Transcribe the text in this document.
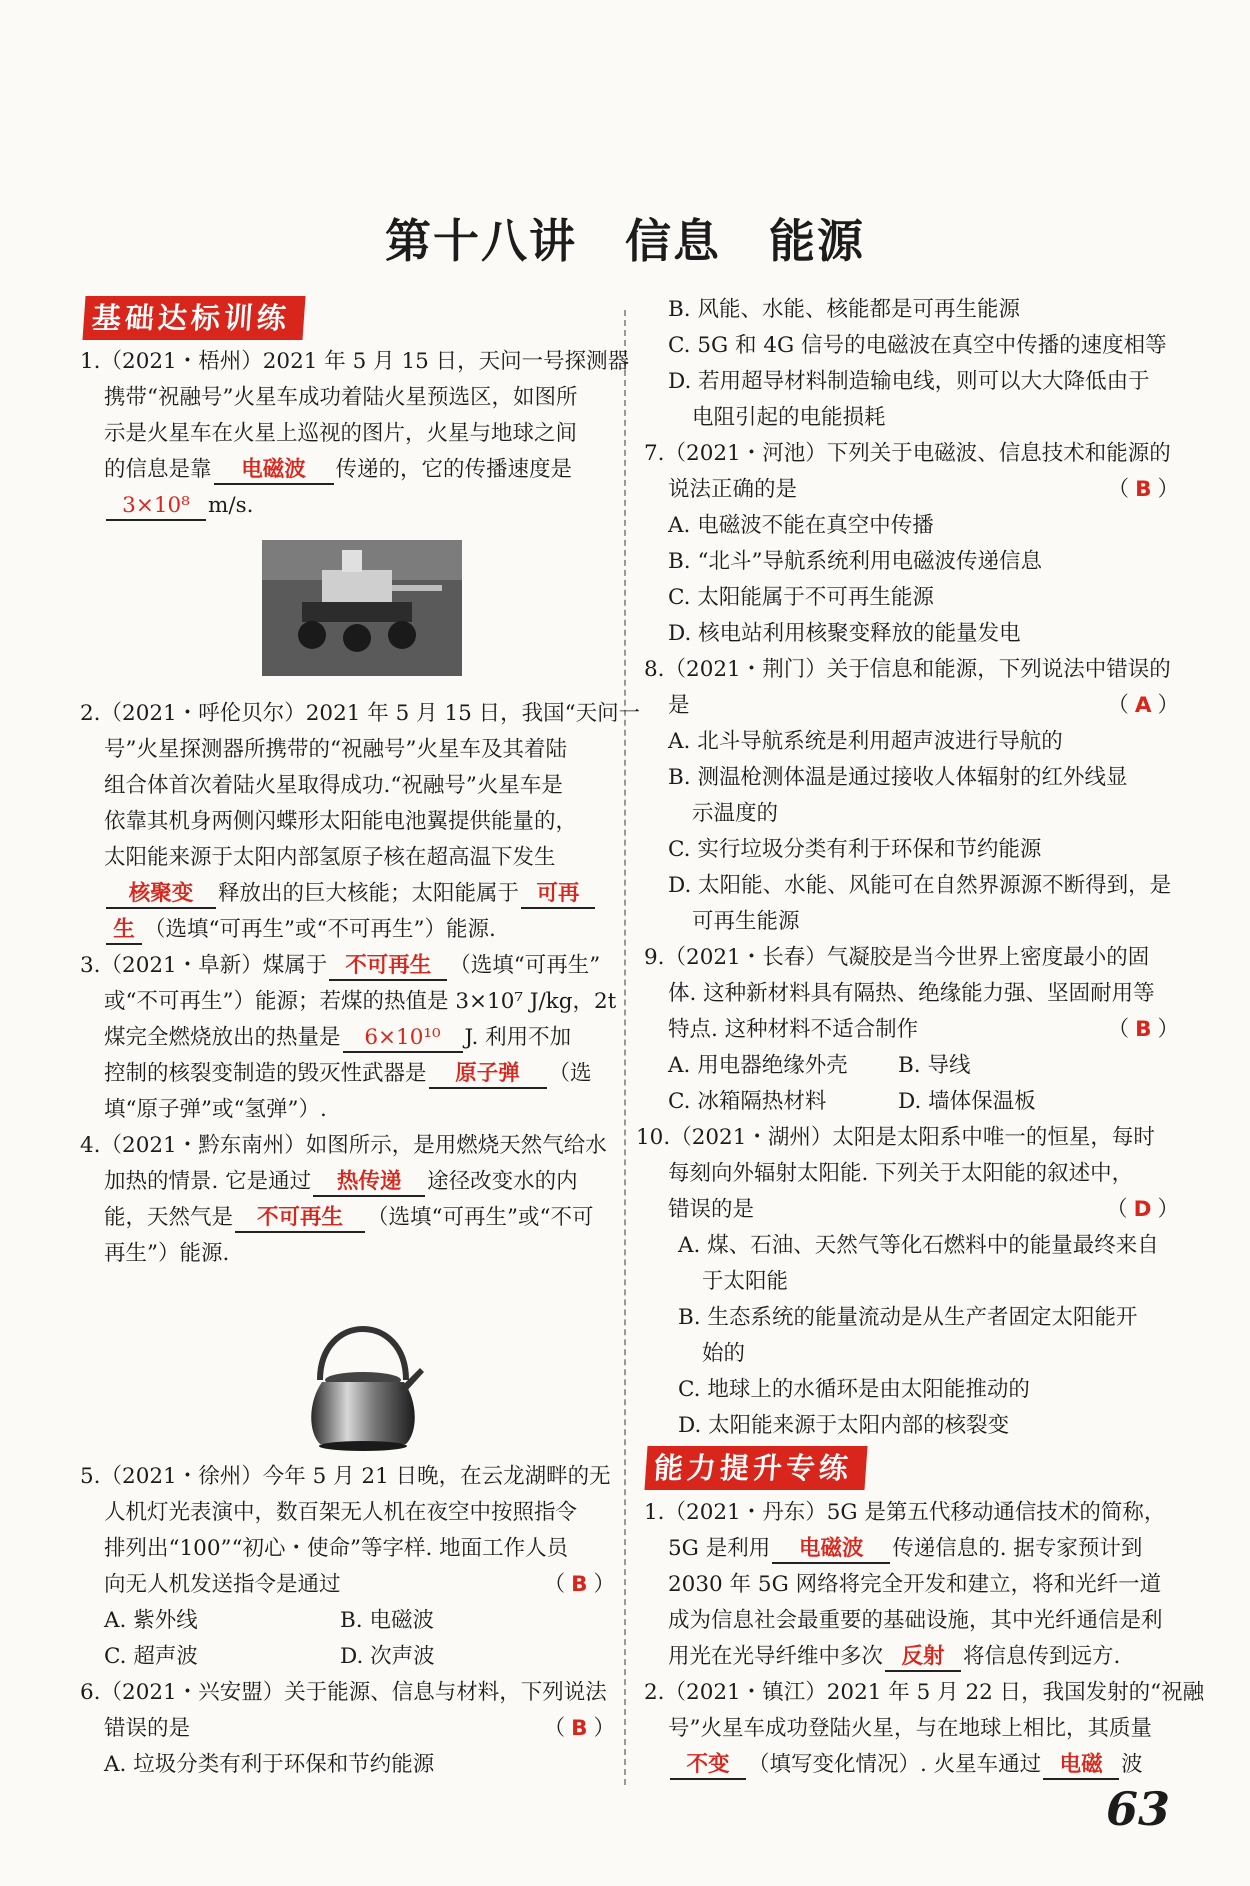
第十八讲　信息　能源
基础达标训练
能力提升专练
1.（2021・梧州）2021 年 5 月 15 日，天问一号探测器
携带“祝融号”火星车成功着陆火星预选区，如图所
示是火星车在火星上巡视的图片，火星与地球之间
的信息是靠 电磁波 传递的，它的传播速度是
3×10⁸ m/s.
2.（2021・呼伦贝尔）2021 年 5 月 15 日，我国“天问一
号”火星探测器所携带的“祝融号”火星车及其着陆
组合体首次着陆火星取得成功.“祝融号”火星车是
依靠其机身两侧闪蝶形太阳能电池翼提供能量的，
太阳能来源于太阳内部氢原子核在超高温下发生
核聚变 释放出的巨大核能；太阳能属于 可再
生 （选填“可再生”或“不可再生”）能源.
3.（2021・阜新）煤属于 不可再生 （选填“可再生”
或“不可再生”）能源；若煤的热值是 3×10⁷ J/kg，2t
煤完全燃烧放出的热量是 6×10¹⁰ J. 利用不加
控制的核裂变制造的毁灭性武器是 原子弹 （选
填“原子弹”或“氢弹”）.
4.（2021・黔东南州）如图所示，是用燃烧天然气给水
加热的情景. 它是通过 热传递 途径改变水的内
能，天然气是 不可再生 （选填“可再生”或“不可
再生”）能源.
5.（2021・徐州）今年 5 月 21 日晚，在云龙湖畔的无
人机灯光表演中，数百架无人机在夜空中按照指令
排列出“100”“初心・使命”等字样. 地面工作人员
向无人机发送指令是通过	（ B ）
A. 紫外线	B. 电磁波
C. 超声波	D. 次声波
6.（2021・兴安盟）关于能源、信息与材料，下列说法
错误的是	（ B ）
A. 垃圾分类有利于环保和节约能源
B. 风能、水能、核能都是可再生能源
C. 5G 和 4G 信号的电磁波在真空中传播的速度相等
D. 若用超导材料制造输电线，则可以大大降低由于
电阻引起的电能损耗
7.（2021・河池）下列关于电磁波、信息技术和能源的
说法正确的是	（ B ）
A. 电磁波不能在真空中传播
B. “北斗”导航系统利用电磁波传递信息
C. 太阳能属于不可再生能源
D. 核电站利用核聚变释放的能量发电
8.（2021・荆门）关于信息和能源，下列说法中错误的
是	（ A ）
A. 北斗导航系统是利用超声波进行导航的
B. 测温枪测体温是通过接收人体辐射的红外线显
示温度的
C. 实行垃圾分类有利于环保和节约能源
D. 太阳能、水能、风能可在自然界源源不断得到，是
可再生能源
9.（2021・长春）气凝胶是当今世界上密度最小的固
体. 这种新材料具有隔热、绝缘能力强、坚固耐用等
特点. 这种材料不适合制作	（ B ）
A. 用电器绝缘外壳 B. 导线
C. 冰箱隔热材料	D. 墙体保温板
10.（2021・湖州）太阳是太阳系中唯一的恒星，每时
每刻向外辐射太阳能. 下列关于太阳能的叙述中，
错误的是	（ D ）
A. 煤、石油、天然气等化石燃料中的能量最终来自
于太阳能
B. 生态系统的能量流动是从生产者固定太阳能开
始的
C. 地球上的水循环是由太阳能推动的
D. 太阳能来源于太阳内部的核裂变
1.（2021・丹东）5G 是第五代移动通信技术的简称，
5G 是利用 电磁波 传递信息的. 据专家预计到
2030 年 5G 网络将完全开发和建立，将和光纤一道
成为信息社会最重要的基础设施，其中光纤通信是利
用光在光导纤维中多次 反射 将信息传到远方.
2.（2021・镇江）2021 年 5 月 22 日，我国发射的“祝融
号”火星车成功登陆火星，与在地球上相比，其质量
不变 （填写变化情况）. 火星车通过 电磁 波
63
